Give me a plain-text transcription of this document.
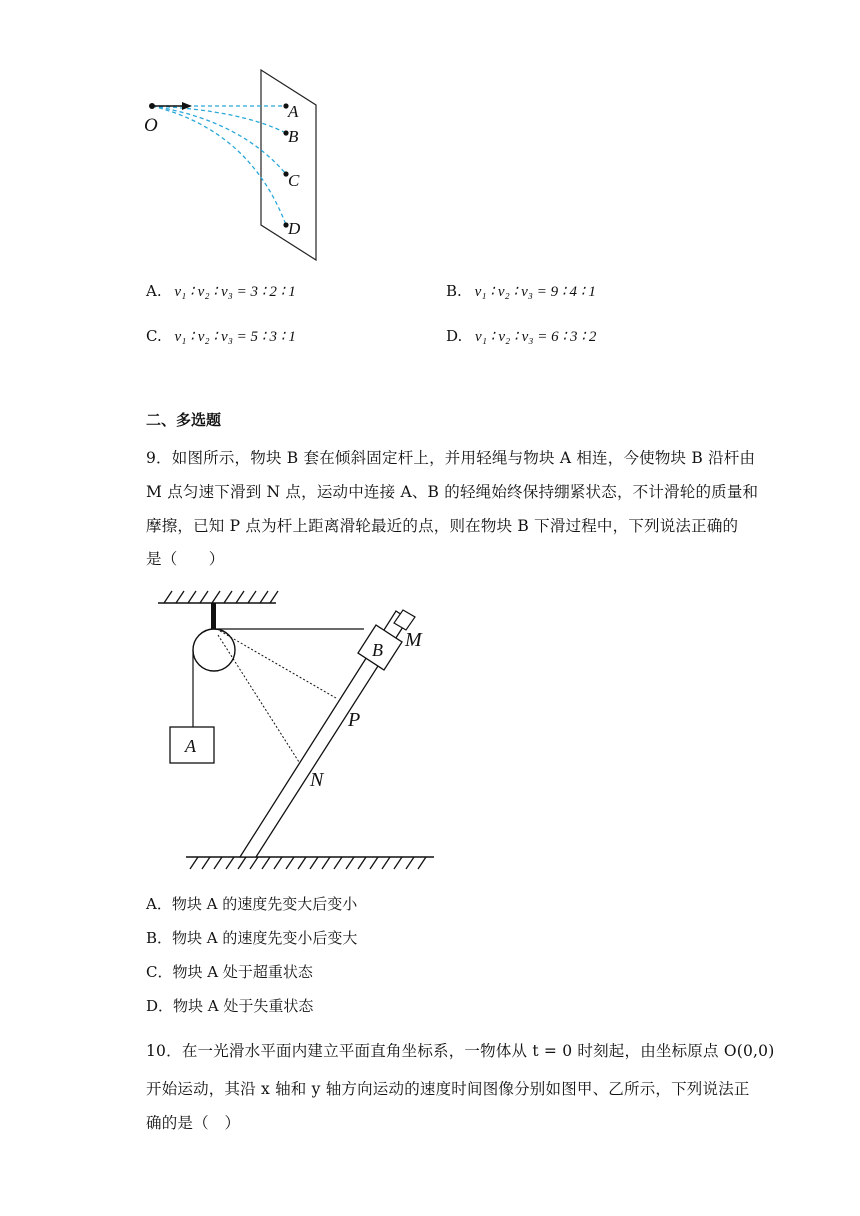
O
A
B
C
D
A. v₁ ∶ v₂ ∶ v₃ = 3 ∶ 2 ∶ 1	B. v₁ ∶ v₂ ∶ v₃ = 9 ∶ 4 ∶ 1
C. v₁ ∶ v₂ ∶ v₃ = 5 ∶ 3 ∶ 1	D. v₁ ∶ v₂ ∶ v₃ = 6 ∶ 3 ∶ 2
二、多选题
9．如图所示，物块 B 套在倾斜固定杆上，并用轻绳与物块 A 相连，今使物块 B 沿杆由
M 点匀速下滑到 N 点，运动中连接 A、B 的轻绳始终保持绷紧状态，不计滑轮的质量和
摩擦，已知 P 点为杆上距离滑轮最近的点，则在物块 B 下滑过程中，下列说法正确的
是（　　）
A
B M
P
N
A．物块 A 的速度先变大后变小
B．物块 A 的速度先变小后变大
C．物块 A 处于超重状态
D．物块 A 处于失重状态
10．在一光滑水平面内建立平面直角坐标系，一物体从 t = 0 时刻起，由坐标原点 O(0,0)
开始运动，其沿 x 轴和 y 轴方向运动的速度时间图像分别如图甲、乙所示，下列说法正
确的是（　）
